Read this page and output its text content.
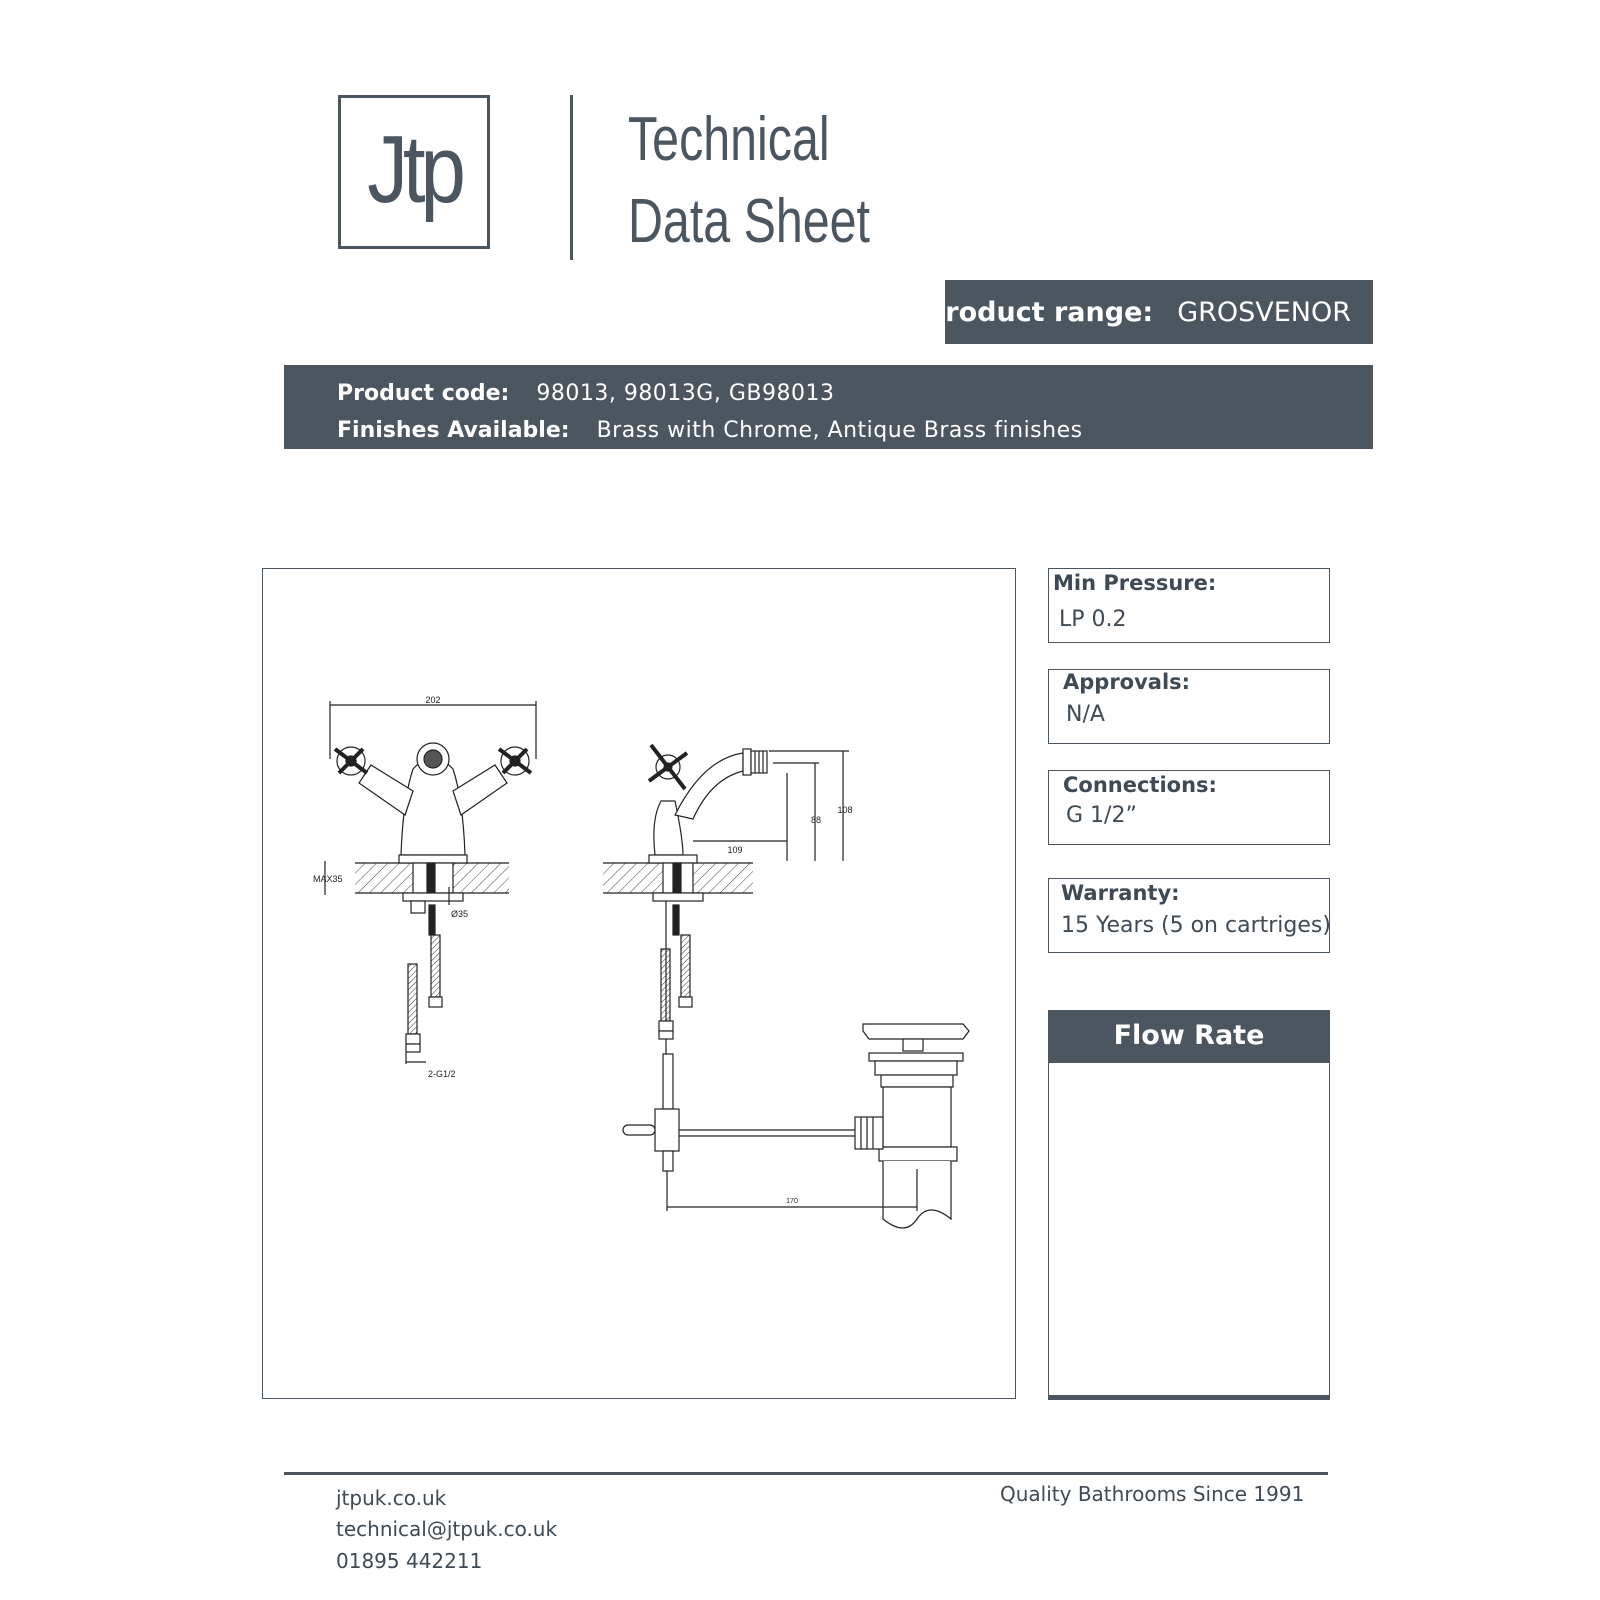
Jtp	Technical
Data Sheet
Product range: GROSVENOR
Product code: 98013, 98013G, GB98013
Finishes Available: Brass with Chrome, Antique Brass finishes
202
MAX35
Ø35
2-G1/2
109
88
108
170
Min Pressure:
LP 0.2
Approvals:
N/A
Connections:
G 1/2”
Warranty:
15 Years (5 on cartriges)
Flow Rate
jtpuk.co.uk
technical@jtpuk.co.uk
01895 442211
Quality Bathrooms Since 1991
